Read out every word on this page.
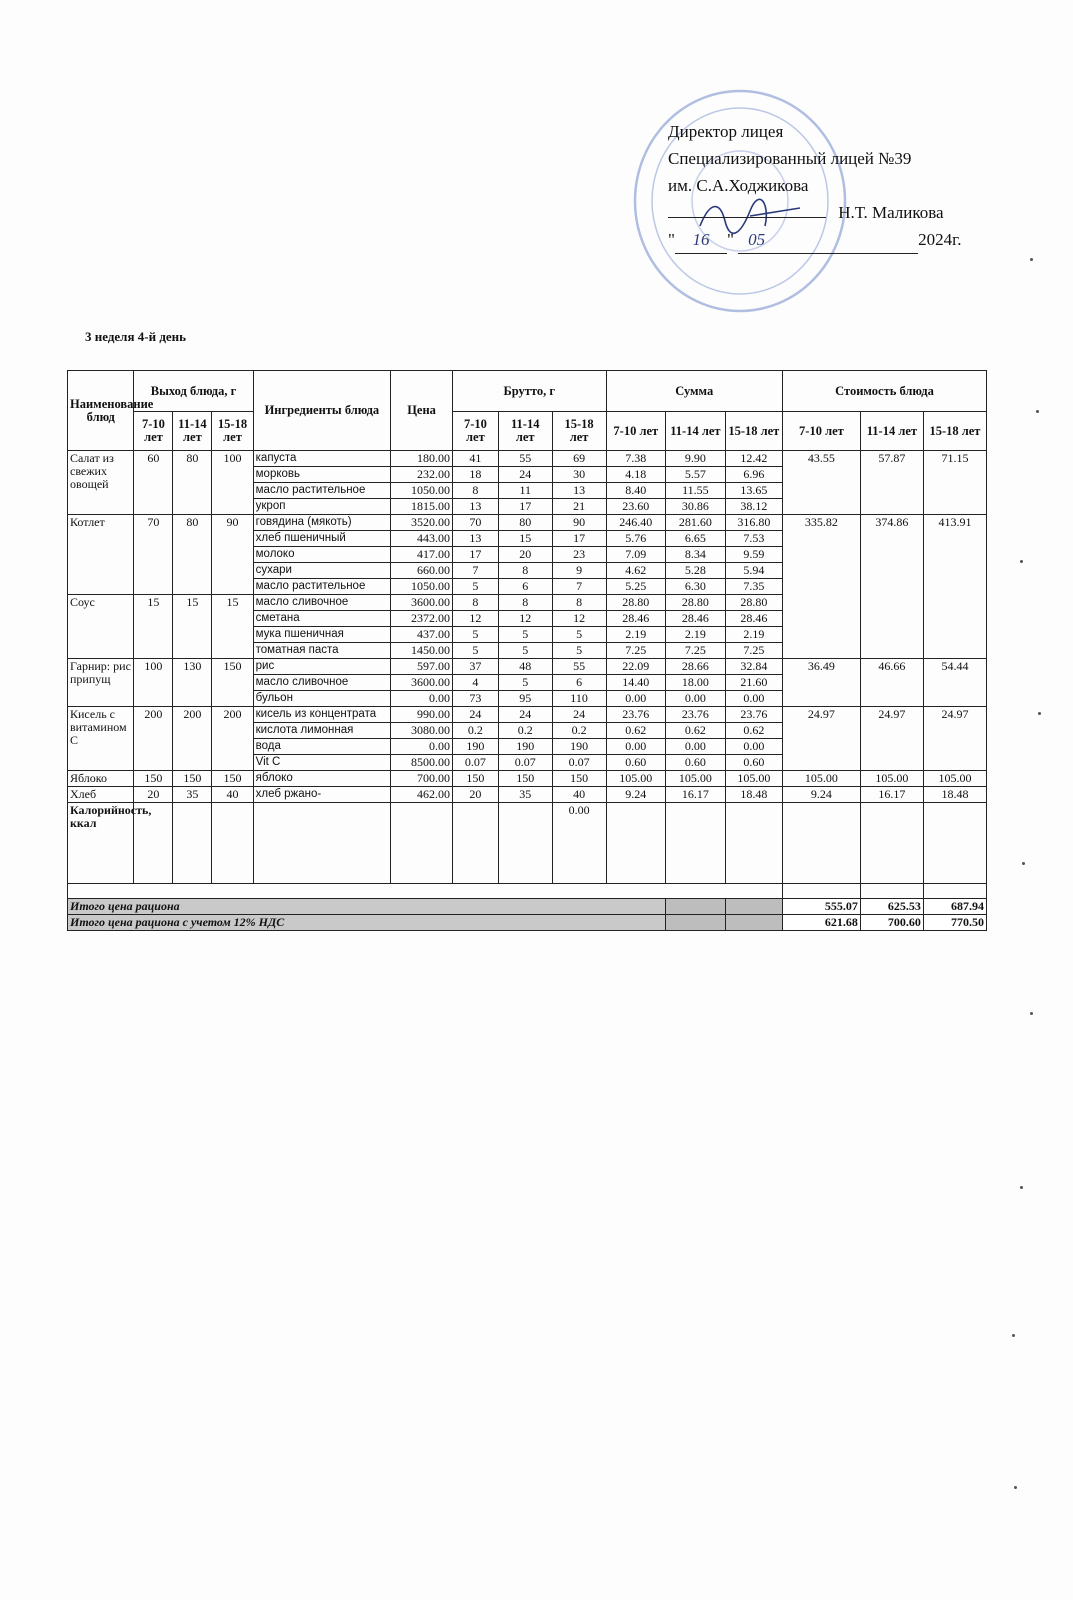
Директор лицея
Специализированный лицей №39
им. С.А.Ходжикова
Н.Т. Маликова
" 16 " 05	2024г.
3 неделя 4-й день
Наименование блюд	Выход блюда, г			Ингредиенты блюда	Цена	Брутто, г			Сумма			Стоимость блюда		
	7-10 лет	11-14 лет	15-18 лет			7-10 лет	11-14 лет	15-18 лет	7-10 лет	11-14 лет	15-18 лет	7-10 лет	11-14 лет	15-18 лет
Салат из свежих овощей	60	80	100	капуста	180.00	41	55	69	7.38	9.90	12.42	43.55	57.87	71.15
				морковь	232.00	18	24	30	4.18	5.57	6.96			
				масло растительное	1050.00	8	11	13	8.40	11.55	13.65			
				укроп	1815.00	13	17	21	23.60	30.86	38.12			
Котлет	70	80	90	говядина (мякоть)	3520.00	70	80	90	246.40	281.60	316.80	335.82	374.86	413.91
				хлеб пшеничный	443.00	13	15	17	5.76	6.65	7.53			
				молоко	417.00	17	20	23	7.09	8.34	9.59			
				сухари	660.00	7	8	9	4.62	5.28	5.94			
				масло растительное	1050.00	5	6	7	5.25	6.30	7.35			
Соус	15	15	15	масло сливочное	3600.00	8	8	8	28.80	28.80	28.80			
				сметана	2372.00	12	12	12	28.46	28.46	28.46			
				мука пшеничная	437.00	5	5	5	2.19	2.19	2.19			
				томатная паста	1450.00	5	5	5	7.25	7.25	7.25			
Гарнир: рис припущ	100	130	150	рис	597.00	37	48	55	22.09	28.66	32.84	36.49	46.66	54.44
				масло сливочное	3600.00	4	5	6	14.40	18.00	21.60			
				бульон	0.00	73	95	110	0.00	0.00	0.00			
Кисель с витамином С	200	200	200	кисель из концентрата	990.00	24	24	24	23.76	23.76	23.76	24.97	24.97	24.97
				кислота лимонная	3080.00	0.2	0.2	0.2	0.62	0.62	0.62			
				вода	0.00	190	190	190	0.00	0.00	0.00			
				Vit C	8500.00	0.07	0.07	0.07	0.60	0.60	0.60			
Яблоко	150	150	150	яблоко	700.00	150	150	150	105.00	105.00	105.00	105.00	105.00	105.00
Хлеб	20	35	40	хлеб ржано-	462.00	20	35	40	9.24	16.17	18.48	9.24	16.17	18.48
Калорийность, ккал								0.00						

Итого цена рациона												555.07	625.53	687.94
Итого цена рациона с учетом 12% НДС												621.68	700.60	770.50
